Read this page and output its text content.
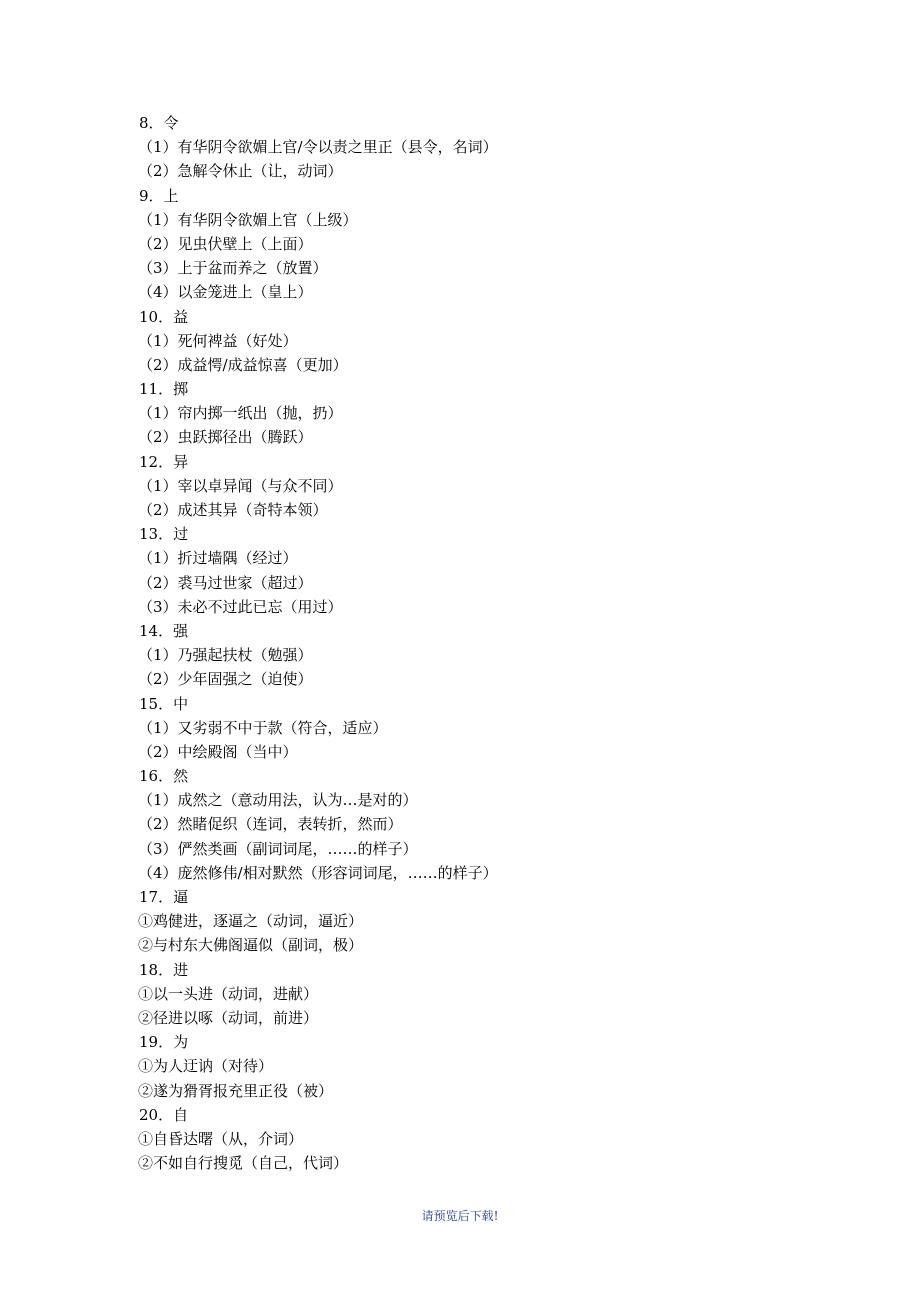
8．令
（1）有华阴令欲媚上官/令以责之里正（县令，名词）
（2）急解令休止（让，动词）
9．上
（1）有华阴令欲媚上官（上级）
（2）见虫伏壁上（上面）
（3）上于盆而养之（放置）
（4）以金笼进上（皇上）
10．益
（1）死何裨益（好处）
（2）成益愕/成益惊喜（更加）
11．掷
（1）帘内掷一纸出（抛，扔）
（2）虫跃掷径出（腾跃）
12．异
（1）宰以卓异闻（与众不同）
（2）成述其异（奇特本领）
13．过
（1）折过墙隅（经过）
（2）裘马过世家（超过）
（3）未必不过此已忘（用过）
14．强
（1）乃强起扶杖（勉强）
（2）少年固强之（迫使）
15．中
（1）又劣弱不中于款（符合，适应）
（2）中绘殿阁（当中）
16．然
（1）成然之（意动用法，认为…是对的）
（2）然睹促织（连词，表转折，然而）
（3）俨然类画（副词词尾，……的样子）
（4）庞然修伟/相对默然（形容词词尾，……的样子）
17．逼
①鸡健进，逐逼之（动词，逼近）
②与村东大佛阁逼似（副词，极）
18．进
①以一头进（动词，进献）
②径进以啄（动词，前进）
19．为
①为人迂讷（对待）
②遂为猾胥报充里正役（被）
20．自
①自昏达曙（从，介词）
②不如自行搜觅（自己，代词）
请预览后下载!
